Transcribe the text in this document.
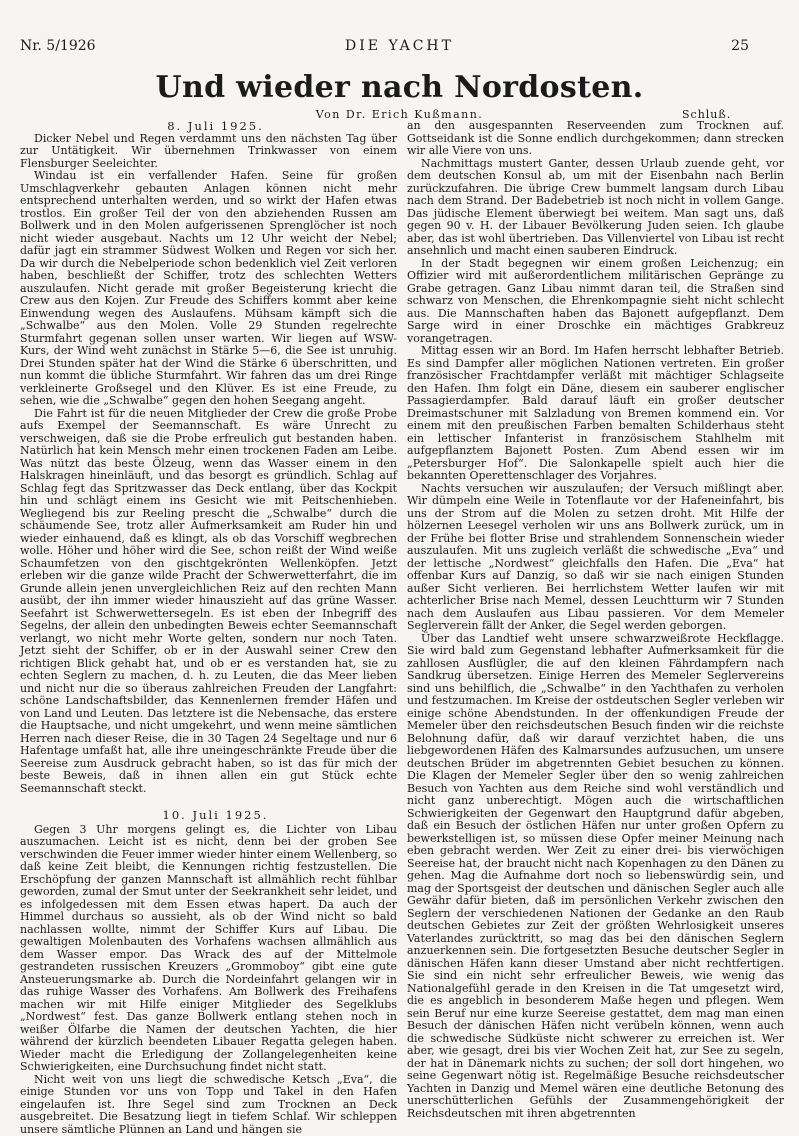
Nr. 5/1926	DIE YACHT	25
Und wieder nach Nordosten.
Von Dr. Erich Kußmann.	Schluß.

8. Juli 1925.

Dicker Nebel und Regen verdammt uns den nächsten Tag über zur Untätigkeit. Wir übernehmen Trinkwasser von einem Flensburger Seeleichter.

Windau ist ein verfallender Hafen. Seine für großen Umschlagverkehr gebauten Anlagen können nicht mehr entsprechend unterhalten werden, und so wirkt der Hafen etwas trostlos. Ein großer Teil der von den abziehenden Russen am Bollwerk und in den Molen aufgerissenen Sprenglöcher ist noch nicht wieder ausgebaut. Nachts um 12 Uhr weicht der Nebel; dafür jagt ein strammer Südwest Wolken und Regen vor sich her. Da wir durch die Nebelperiode schon bedenklich viel Zeit verloren haben, beschließt der Schiffer, trotz des schlechten Wetters auszulaufen. Nicht gerade mit großer Begeisterung kriecht die Crew aus den Kojen. Zur Freude des Schiffers kommt aber keine Einwendung wegen des Auslaufens. Mühsam kämpft sich die „Schwalbe“ aus den Molen. Volle 29 Stunden regelrechte Sturmfahrt gegenan sollen unser warten. Wir liegen auf WSW-Kurs, der Wind weht zunächst in Stärke 5—6, die See ist unruhig. Drei Stunden später hat der Wind die Stärke 6 überschritten, und nun kommt die übliche Sturmfahrt. Wir fahren das um drei Ringe verkleinerte Großsegel und den Klüver. Es ist eine Freude, zu sehen, wie die „Schwalbe“ gegen den hohen Seegang angeht.

Die Fahrt ist für die neuen Mitglieder der Crew die große Probe aufs Exempel der Seemannschaft. Es wäre Unrecht zu verschweigen, daß sie die Probe erfreulich gut bestanden haben. Natürlich hat kein Mensch mehr einen trockenen Faden am Leibe. Was nützt das beste Ölzeug, wenn das Wasser einem in den Halskragen hineinläuft, und das besorgt es gründlich. Schlag auf Schlag fegt das Spritzwasser das Deck entlang, über das Kockpit hin und schlägt einem ins Gesicht wie mit Peitschenhieben. Wegliegend bis zur Reeling prescht die „Schwalbe“ durch die schäumende See, trotz aller Aufmerksamkeit am Ruder hin und wieder einhauend, daß es klingt, als ob das Vorschiff wegbrechen wolle. Höher und höher wird die See, schon reißt der Wind weiße Schaumfetzen von den gischtgekrönten Wellenköpfen. Jetzt erleben wir die ganze wilde Pracht der Schwerwetterfahrt, die im Grunde allein jenen unvergleichlichen Reiz auf den rechten Mann ausübt, der ihn immer wieder hinauszieht auf das grüne Wasser. Seefahrt ist Schwerwettersegeln. Es ist eben der Inbegriff des Segelns, der allein den unbedingten Beweis echter Seemannschaft verlangt, wo nicht mehr Worte gelten, sondern nur noch Taten. Jetzt sieht der Schiffer, ob er in der Auswahl seiner Crew den richtigen Blick gehabt hat, und ob er es verstanden hat, sie zu echten Seglern zu machen, d. h. zu Leuten, die das Meer lieben und nicht nur die so überaus zahlreichen Freuden der Langfahrt: schöne Landschaftsbilder, das Kennenlernen fremder Häfen und von Land und Leuten. Das letztere ist die Nebensache, das erstere die Hauptsache, und nicht umgekehrt, und wenn meine sämtlichen Herren nach dieser Reise, die in 30 Tagen 24 Segeltage und nur 6 Hafentage umfaßt hat, alle ihre uneingeschränkte Freude über die Seereise zum Ausdruck gebracht haben, so ist das für mich der beste Beweis, daß in ihnen allen ein gut Stück echte Seemannschaft steckt.

10. Juli 1925.

Gegen 3 Uhr morgens gelingt es, die Lichter von Libau auszumachen. Leicht ist es nicht, denn bei der groben See verschwinden die Feuer immer wieder hinter einem Wellenberg, so daß keine Zeit bleibt, die Kennungen richtig festzustellen. Die Erschöpfung der ganzen Mannschaft ist allmählich recht fühlbar geworden, zumal der Smut unter der Seekrankheit sehr leidet, und es infolgedessen mit dem Essen etwas hapert. Da auch der Himmel durchaus so aussieht, als ob der Wind nicht so bald nachlassen wollte, nimmt der Schiffer Kurs auf Libau. Die gewaltigen Molenbauten des Vorhafens wachsen allmählich aus dem Wasser empor. Das Wrack des auf der Mittelmole gestrandeten russischen Kreuzers „Grommoboy“ gibt eine gute Ansteuerungsmarke ab. Durch die Nordeinfahrt gelangen wir in das ruhige Wasser des Vorhafens. Am Bollwerk des Freihafens machen wir mit Hilfe einiger Mitglieder des Segelklubs „Nordwest“ fest. Das ganze Bollwerk entlang stehen noch in weißer Ölfarbe die Namen der deutschen Yachten, die hier während der kürzlich beendeten Libauer Regatta gelegen haben. Wieder macht die Erledigung der Zollangelegenheiten keine Schwierigkeiten, eine Durchsuchung findet nicht statt.

Nicht weit von uns liegt die schwedische Ketsch „Eva“, die einige Stunden vor uns von Topp und Takel in den Hafen eingelaufen ist. Ihre Segel sind zum Trocknen an Deck ausgebreitet. Die Besatzung liegt in tiefem Schlaf. Wir schleppen unsere sämtliche Plünnen an Land und hängen sie

an den ausgespannten Reserveenden zum Trocknen auf. Gottseidank ist die Sonne endlich durchgekommen; dann strecken wir alle Viere von uns.

Nachmittags mustert Ganter, dessen Urlaub zuende geht, vor dem deutschen Konsul ab, um mit der Eisenbahn nach Berlin zurückzufahren. Die übrige Crew bummelt langsam durch Libau nach dem Strand. Der Badebetrieb ist noch nicht in vollem Gange. Das jüdische Element überwiegt bei weitem. Man sagt uns, daß gegen 90 v. H. der Libauer Bevölkerung Juden seien. Ich glaube aber, das ist wohl übertrieben. Das Villenviertel von Libau ist recht ansehnlich und macht einen sauberen Eindruck.

In der Stadt begegnen wir einem großen Leichenzug; ein Offizier wird mit außerordentlichem militärischen Gepränge zu Grabe getragen. Ganz Libau nimmt daran teil, die Straßen sind schwarz von Menschen, die Ehrenkompagnie sieht nicht schlecht aus. Die Mannschaften haben das Bajonett aufgepflanzt. Dem Sarge wird in einer Droschke ein mächtiges Grabkreuz vorangetragen.

Mittag essen wir an Bord. Im Hafen herrscht lebhafter Betrieb. Es sind Dampfer aller möglichen Nationen vertreten. Ein großer französischer Frachtdampfer verläßt mit mächtiger Schlagseite den Hafen. Ihm folgt ein Däne, diesem ein sauberer englischer Passagierdampfer. Bald darauf läuft ein großer deutscher Dreimastschuner mit Salzladung von Bremen kommend ein. Vor einem mit den preußischen Farben bemalten Schilderhaus steht ein lettischer Infanterist in französischem Stahlhelm mit aufgepflanztem Bajonett Posten. Zum Abend essen wir im „Petersburger Hof“. Die Salonkapelle spielt auch hier die bekannten Operettenschlager des Vorjahres.

Nachts versuchen wir auszulaufen; der Versuch mißlingt aber. Wir dümpeln eine Weile in Totenflaute vor der Hafeneinfahrt, bis uns der Strom auf die Molen zu setzen droht. Mit Hilfe der hölzernen Leesegel verholen wir uns ans Bollwerk zurück, um in der Frühe bei flotter Brise und strahlendem Sonnenschein wieder auszulaufen. Mit uns zugleich verläßt die schwedische „Eva“ und der lettische „Nordwest“ gleichfalls den Hafen. Die „Eva“ hat offenbar Kurs auf Danzig, so daß wir sie nach einigen Stunden außer Sicht verlieren. Bei herrlichstem Wetter laufen wir mit achterlicher Brise nach Memel, dessen Leuchtturm wir 7 Stunden nach dem Auslaufen aus Libau passieren. Vor dem Memeler Seglerverein fällt der Anker, die Segel werden geborgen.

Über das Landtief weht unsere schwarzweißrote Heckflagge. Sie wird bald zum Gegenstand lebhafter Aufmerksamkeit für die zahllosen Ausflügler, die auf den kleinen Fährdampfern nach Sandkrug übersetzen. Einige Herren des Memeler Seglervereins sind uns behilflich, die „Schwalbe“ in den Yachthafen zu verholen und festzumachen. Im Kreise der ostdeutschen Segler verleben wir einige schöne Abendstunden. In der offenkundigen Freude der Memeler über den reichsdeutschen Besuch finden wir die reichste Belohnung dafür, daß wir darauf verzichtet haben, die uns liebgewordenen Häfen des Kalmarsundes aufzusuchen, um unsere deutschen Brüder im abgetrennten Gebiet besuchen zu können. Die Klagen der Memeler Segler über den so wenig zahlreichen Besuch von Yachten aus dem Reiche sind wohl verständlich und nicht ganz unberechtigt. Mögen auch die wirtschaftlichen Schwierigkeiten der Gegenwart den Hauptgrund dafür abgeben, daß ein Besuch der östlichen Häfen nur unter großen Opfern zu bewerkstelligen ist, so müssen diese Opfer meiner Meinung nach eben gebracht werden. Wer Zeit zu einer drei- bis vierwöchigen Seereise hat, der braucht nicht nach Kopenhagen zu den Dänen zu gehen. Mag die Aufnahme dort noch so liebenswürdig sein, und mag der Sportsgeist der deutschen und dänischen Segler auch alle Gewähr dafür bieten, daß im persönlichen Verkehr zwischen den Seglern der verschiedenen Nationen der Gedanke an den Raub deutschen Gebietes zur Zeit der größten Wehrlosigkeit unseres Vaterlandes zurücktritt, so mag das bei den dänischen Seglern anzuerkennen sein. Die fortgesetzten Besuche deutscher Segler in dänischen Häfen kann dieser Umstand aber nicht rechtfertigen. Sie sind ein nicht sehr erfreulicher Beweis, wie wenig das Nationalgefühl gerade in den Kreisen in die Tat umgesetzt wird, die es angeblich in besonderem Maße hegen und pflegen. Wem sein Beruf nur eine kurze Seereise gestattet, dem mag man einen Besuch der dänischen Häfen nicht verübeln können, wenn auch die schwedische Südküste nicht schwerer zu erreichen ist. Wer aber, wie gesagt, drei bis vier Wochen Zeit hat, zur See zu segeln, der hat in Dänemark nichts zu suchen; der soll dort hingehen, wo seine Gegenwart nötig ist. Regelmäßige Besuche reichsdeutscher Yachten in Danzig und Memel wären eine deutliche Betonung des unerschütterlichen Gefühls der Zusammengehörigkeit der Reichsdeutschen mit ihren abgetrennten
